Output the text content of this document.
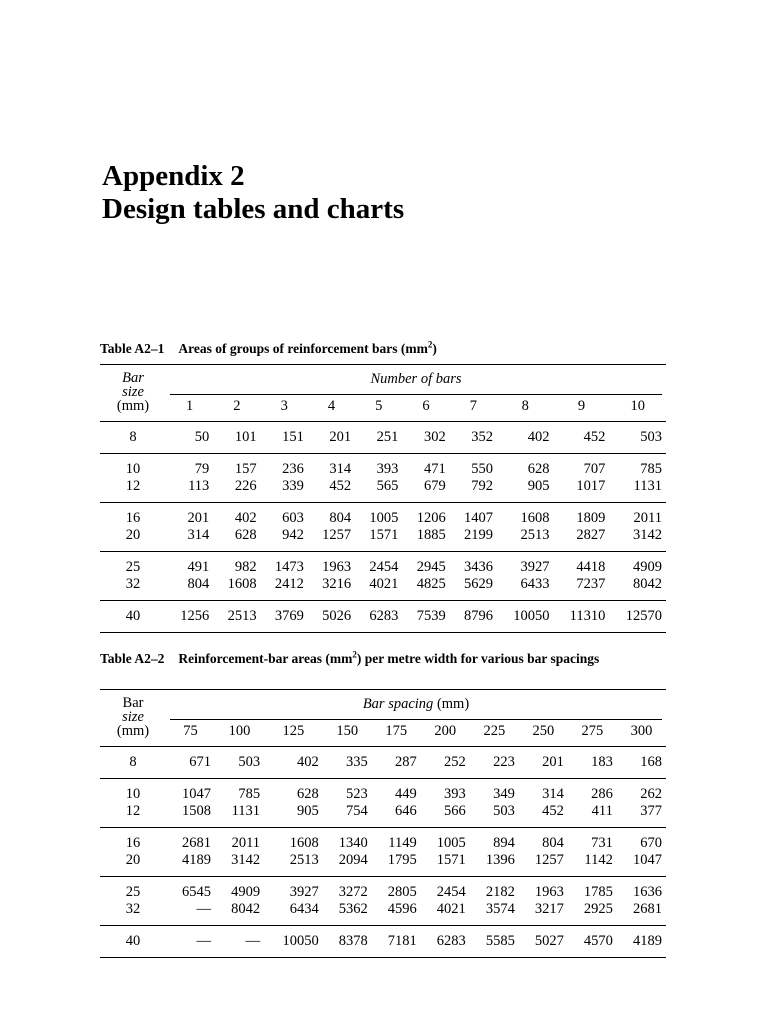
Appendix 2
Design tables and charts
Table A2–1 Areas of groups of reinforcement bars $(mm^2)$
Bar
size
(mm)	Number of bars									

	1	2	3	4	5	6	7	8	9	10
8	50	101	151	201	251	302	352	402	452	503
10	79	157	236	314	393	471	550	628	707	785
12	113	226	339	452	565	679	792	905	1017	1131
16	201	402	603	804	1005	1206	1407	1608	1809	2011
20	314	628	942	1257	1571	1885	2199	2513	2827	3142
25	491	982	1473	1963	2454	2945	3436	3927	4418	4909
32	804	1608	2412	3216	4021	4825	5629	6433	7237	8042
40	1256	2513	3769	5026	6283	7539	8796	10050	11310	12570
Table A2–2 Reinforcement-bar areas $(mm^2)$ per metre width for various bar spacings
Bar
size
(mm)	Bar spacing (mm)									

	75	100	125	150	175	200	225	250	275	300
8	671	503	402	335	287	252	223	201	183	168
10	1047	785	628	523	449	393	349	314	286	262
12	1508	1131	905	754	646	566	503	452	411	377
16	2681	2011	1608	1340	1149	1005	894	804	731	670
20	4189	3142	2513	2094	1795	1571	1396	1257	1142	1047
25	6545	4909	3927	3272	2805	2454	2182	1963	1785	1636
32	—	8042	6434	5362	4596	4021	3574	3217	2925	2681
40	—	—	10050	8378	7181	6283	5585	5027	4570	4189
